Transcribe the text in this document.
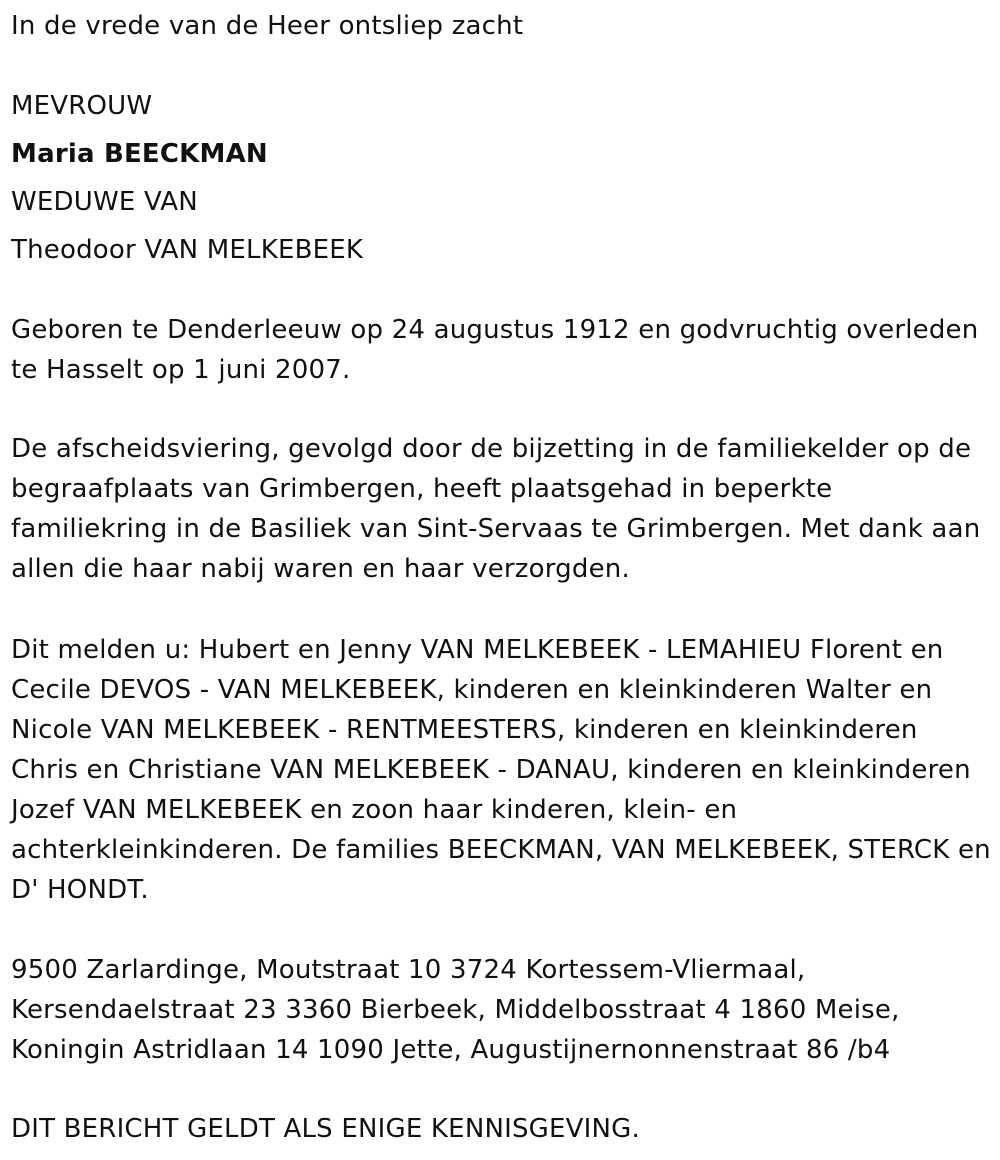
In de vrede van de Heer ontsliep zacht
MEVROUW
Maria BEECKMAN
WEDUWE VAN
Theodoor VAN MELKEBEEK
Geboren te Denderleeuw op 24 augustus 1912 en godvruchtig overleden
te Hasselt op 1 juni 2007.
De afscheidsviering, gevolgd door de bijzetting in de familiekelder op de
begraafplaats van Grimbergen, heeft plaatsgehad in beperkte
familiekring in de Basiliek van Sint-Servaas te Grimbergen. Met dank aan
allen die haar nabij waren en haar verzorgden.
Dit melden u: Hubert en Jenny VAN MELKEBEEK - LEMAHIEU Florent en
Cecile DEVOS - VAN MELKEBEEK, kinderen en kleinkinderen Walter en
Nicole VAN MELKEBEEK - RENTMEESTERS, kinderen en kleinkinderen
Chris en Christiane VAN MELKEBEEK - DANAU, kinderen en kleinkinderen
Jozef VAN MELKEBEEK en zoon haar kinderen, klein- en
achterkleinkinderen. De families BEECKMAN, VAN MELKEBEEK, STERCK en
D' HONDT.
9500 Zarlardinge, Moutstraat 10 3724 Kortessem-Vliermaal,
Kersendaelstraat 23 3360 Bierbeek, Middelbosstraat 4 1860 Meise,
Koningin Astridlaan 14 1090 Jette, Augustijnernonnenstraat 86 /b4
DIT BERICHT GELDT ALS ENIGE KENNISGEVING.
